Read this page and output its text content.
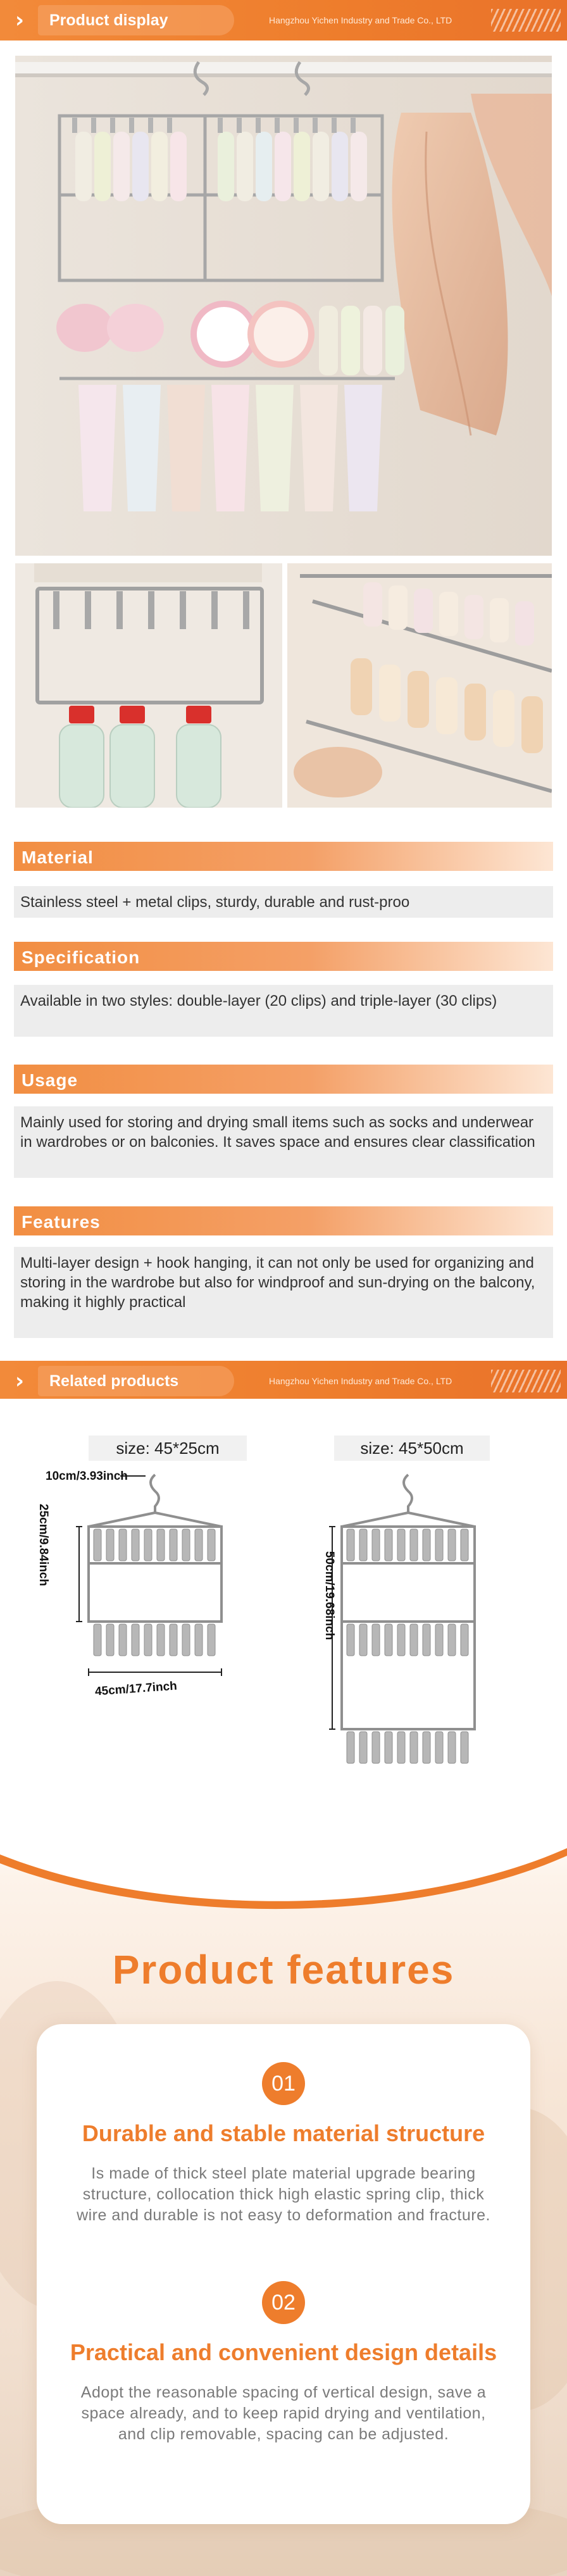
›	Product display	Hangzhou Yichen Industry and Trade Co., LTD
Material
Stainless steel + metal clips, sturdy, durable and rust-proo
Specification
Available in two styles: double-layer (20 clips) and triple-layer (30 clips)
Usage
Mainly used for storing and drying small items such as socks and underwear in wardrobes or on balconies. It saves space and ensures clear classification
Features
Multi-layer design + hook hanging, it can not only be used for organizing and storing in the wardrobe but also for windproof and sun-drying on the balcony, making it highly practical
›	Related products	Hangzhou Yichen Industry and Trade Co., LTD
size: 45*25cm	size: 45*50cm
10cm/3.93inch
25cm/9.84inch
45cm/17.7inch
50cm/19.68inch
Product features
01
Durable and stable material structure
Is made of thick steel plate material upgrade bearing structure, collocation thick high elastic spring clip, thick wire and durable is not easy to deformation and fracture.
02
Practical and convenient design details
Adopt the reasonable spacing of vertical design, save a space already, and to keep rapid drying and ventilation, and clip removable, spacing can be adjusted.
